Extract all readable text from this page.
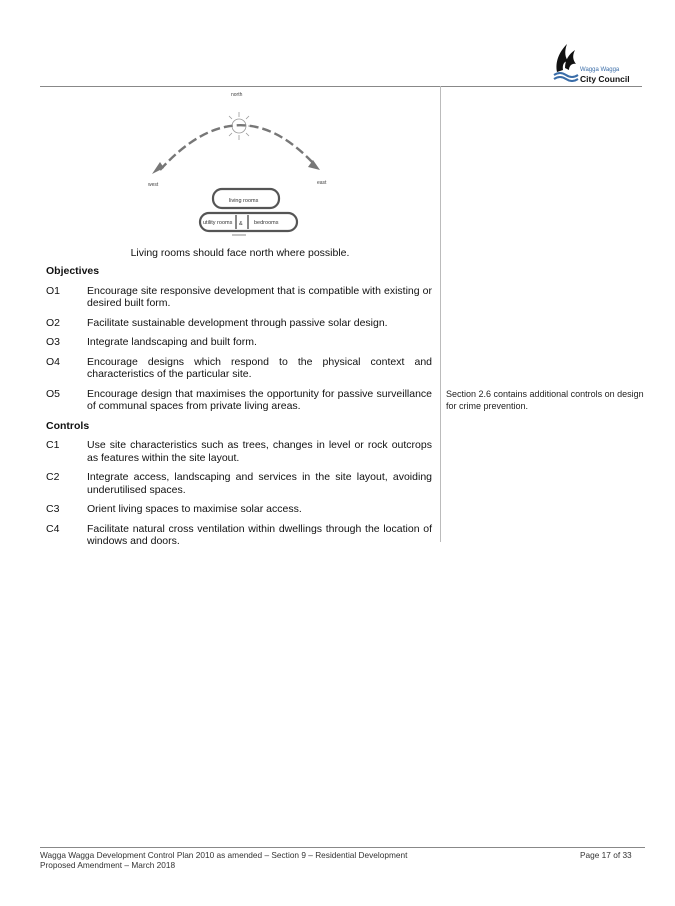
Wagga Wagga
City Council
north
west	east
living rooms
utility rooms & bedrooms
Living rooms should face north where possible.
Objectives
O1	Encourage site responsive development that is compatible with existing or desired built form.
O2	Facilitate sustainable development through passive solar design.
O3	Integrate landscaping and built form.
O4	Encourage designs which respond to the physical context and characteristics of the particular site.
O5	Encourage design that maximises the opportunity for passive surveillance of communal spaces from private living areas.
Controls
C1	Use site characteristics such as trees, changes in level or rock outcrops as features within the site layout.
C2	Integrate access, landscaping and services in the site layout, avoiding underutilised spaces.
C3	Orient living spaces to maximise solar access.
C4	Facilitate natural cross ventilation within dwellings through the location of windows and doors.
Section 2.6 contains additional controls on design for crime prevention.
Wagga Wagga Development Control Plan 2010 as amended – Section 9 – Residential Development
Proposed Amendment – March 2018
Page 17 of 33
